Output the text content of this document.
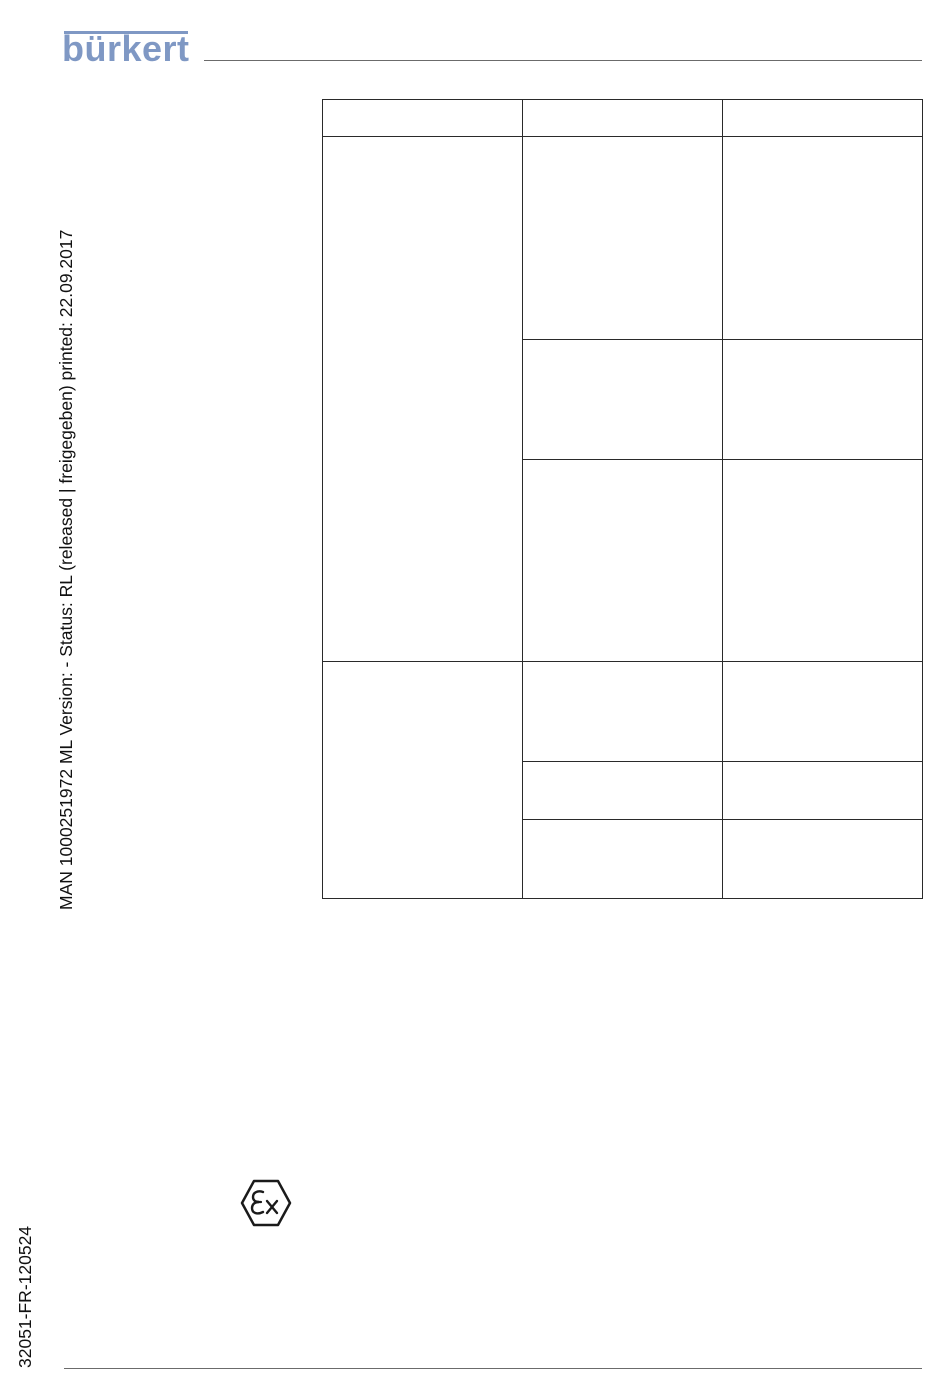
bürkert
MAN 1000251972 ML Version: - Status: RL (released | freigegeben) printed: 22.09.2017
32051-FR-120524
